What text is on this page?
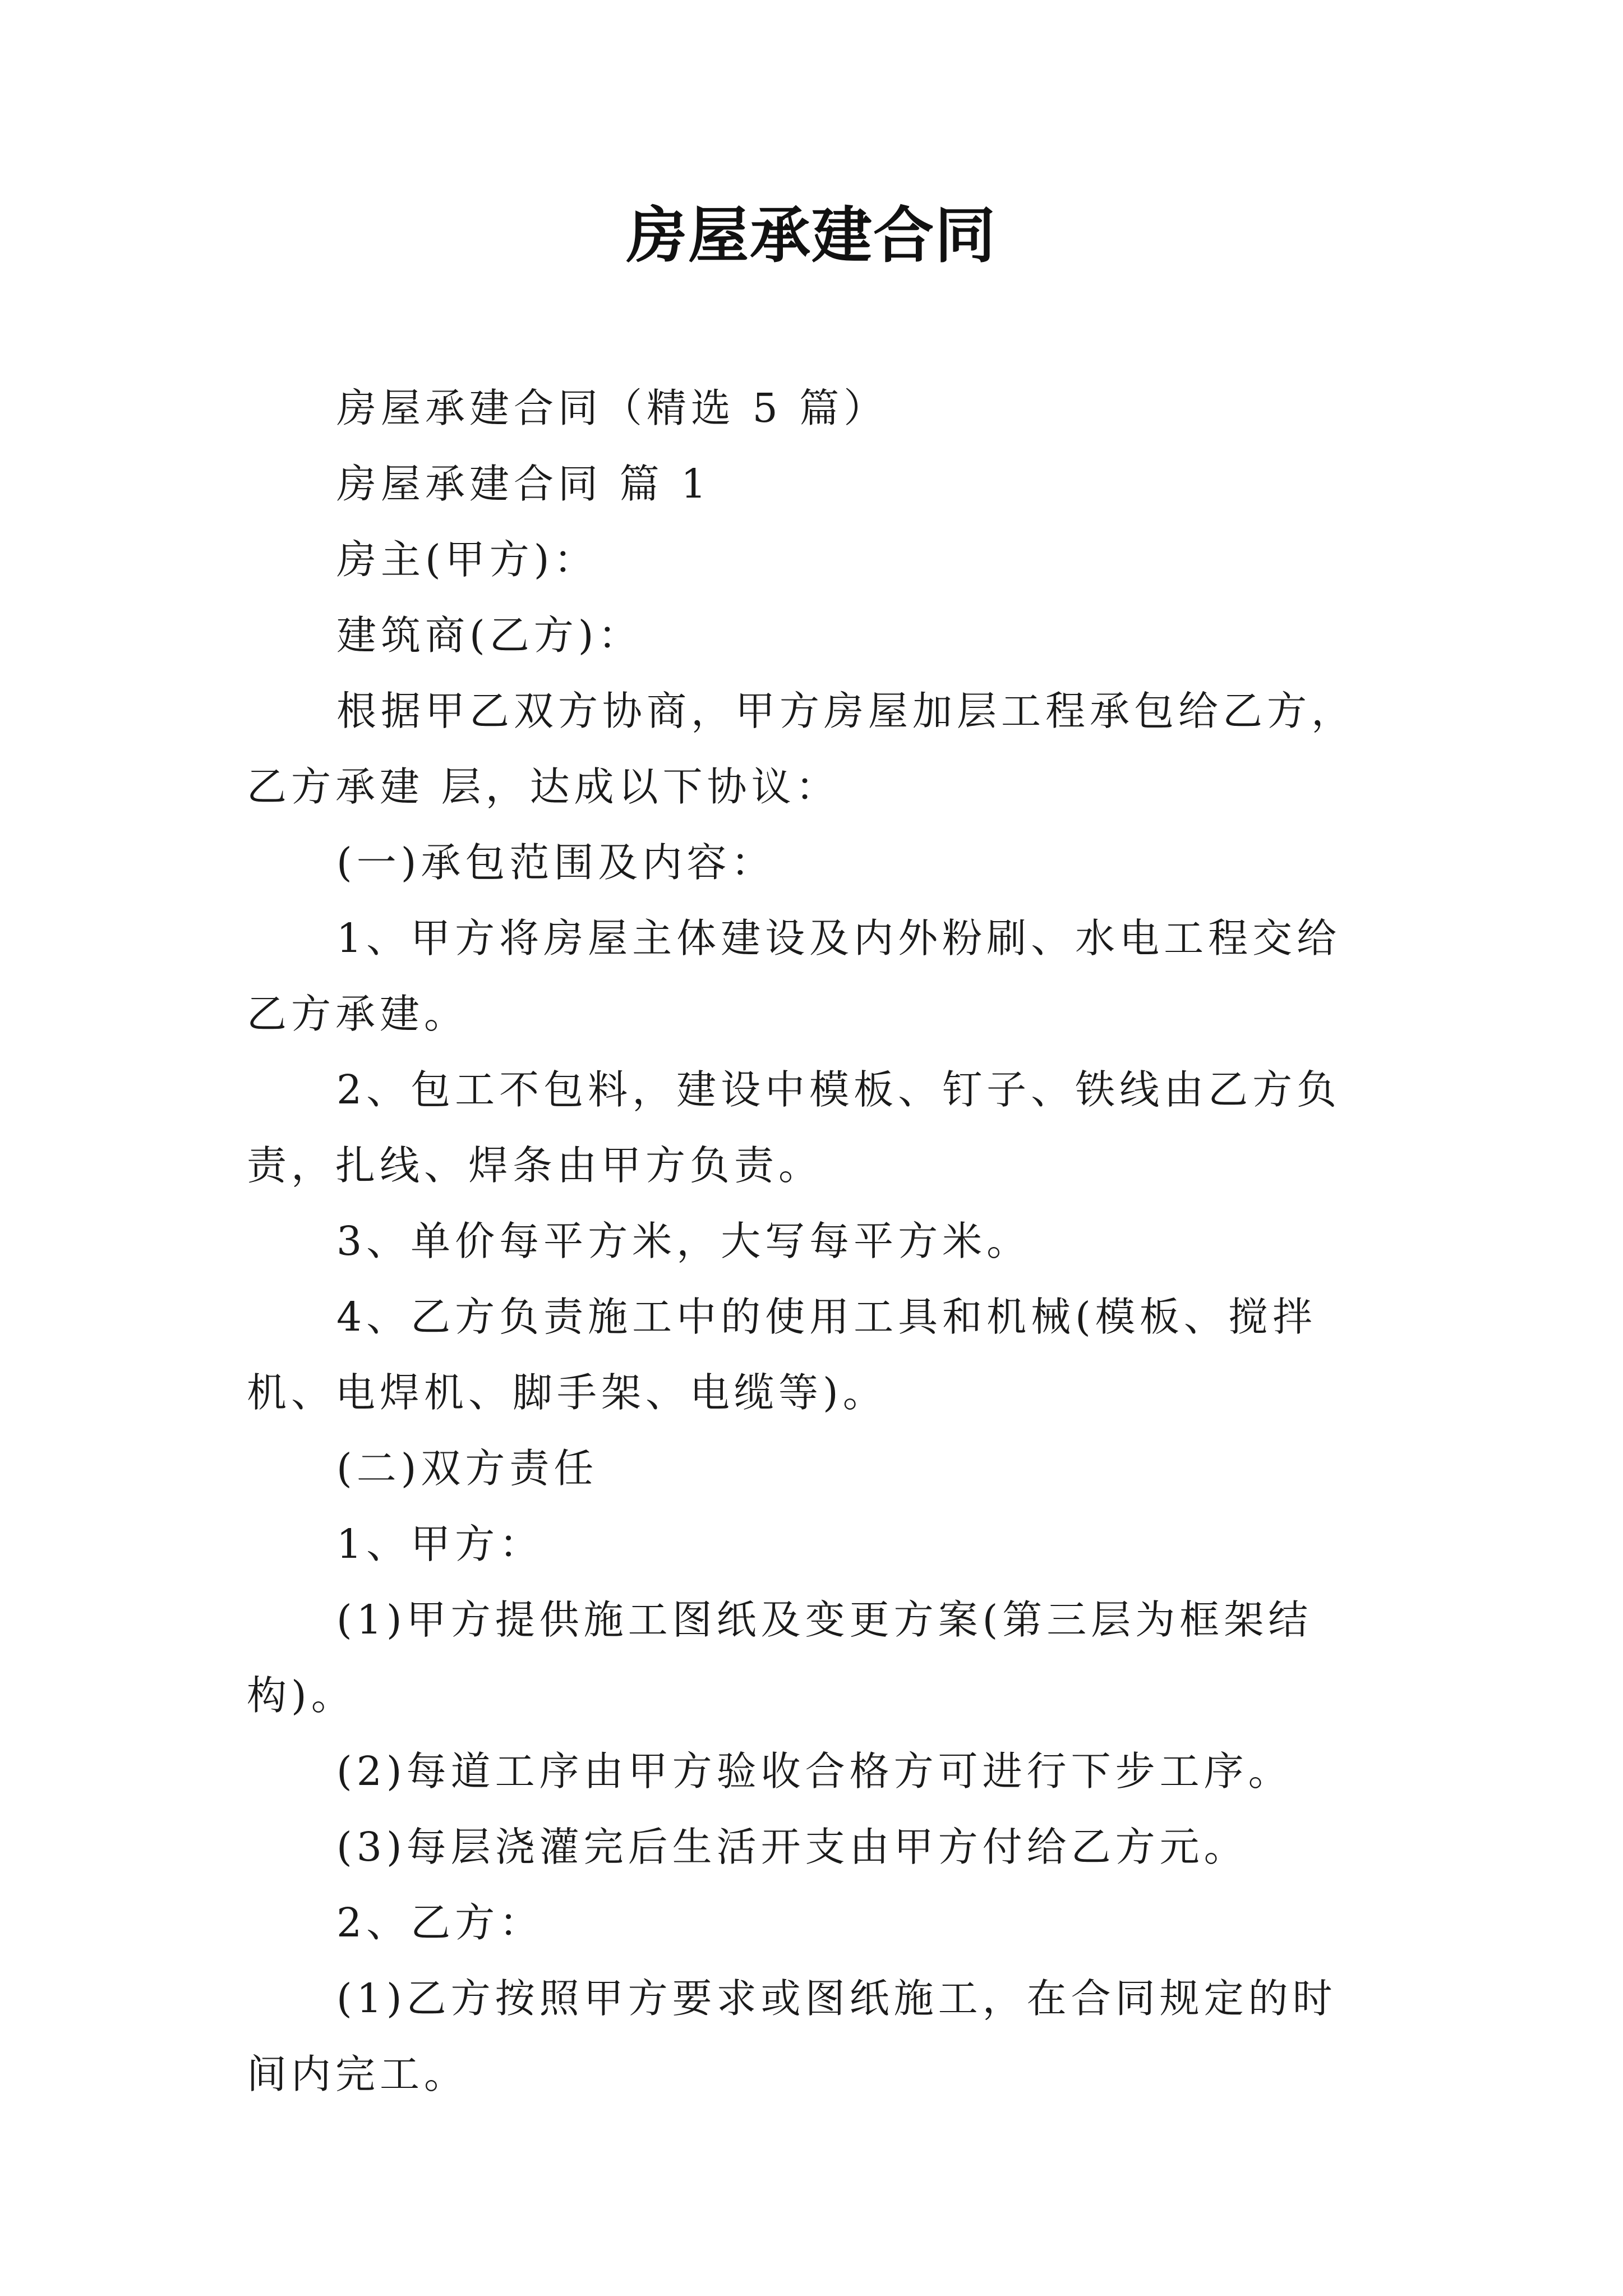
房屋承建合同

房屋承建合同（精选 5 篇）

房屋承建合同 篇 1

房主(甲方)：

建筑商(乙方)：

根据甲乙双方协商，甲方房屋加层工程承包给乙方，乙方承建 层，达成以下协议：

(一)承包范围及内容：

1、甲方将房屋主体建设及内外粉刷、水电工程交给乙方承建。

2、包工不包料，建设中模板、钉子、铁线由乙方负责，扎线、焊条由甲方负责。

3、单价每平方米，大写每平方米。

4、乙方负责施工中的使用工具和机械(模板、搅拌机、电焊机、脚手架、电缆等)。

(二)双方责任

1、甲方：

(1)甲方提供施工图纸及变更方案(第三层为框架结构)。

(2)每道工序由甲方验收合格方可进行下步工序。

(3)每层浇灌完后生活开支由甲方付给乙方元。

2、乙方：

(1)乙方按照甲方要求或图纸施工，在合同规定的时间内完工。
